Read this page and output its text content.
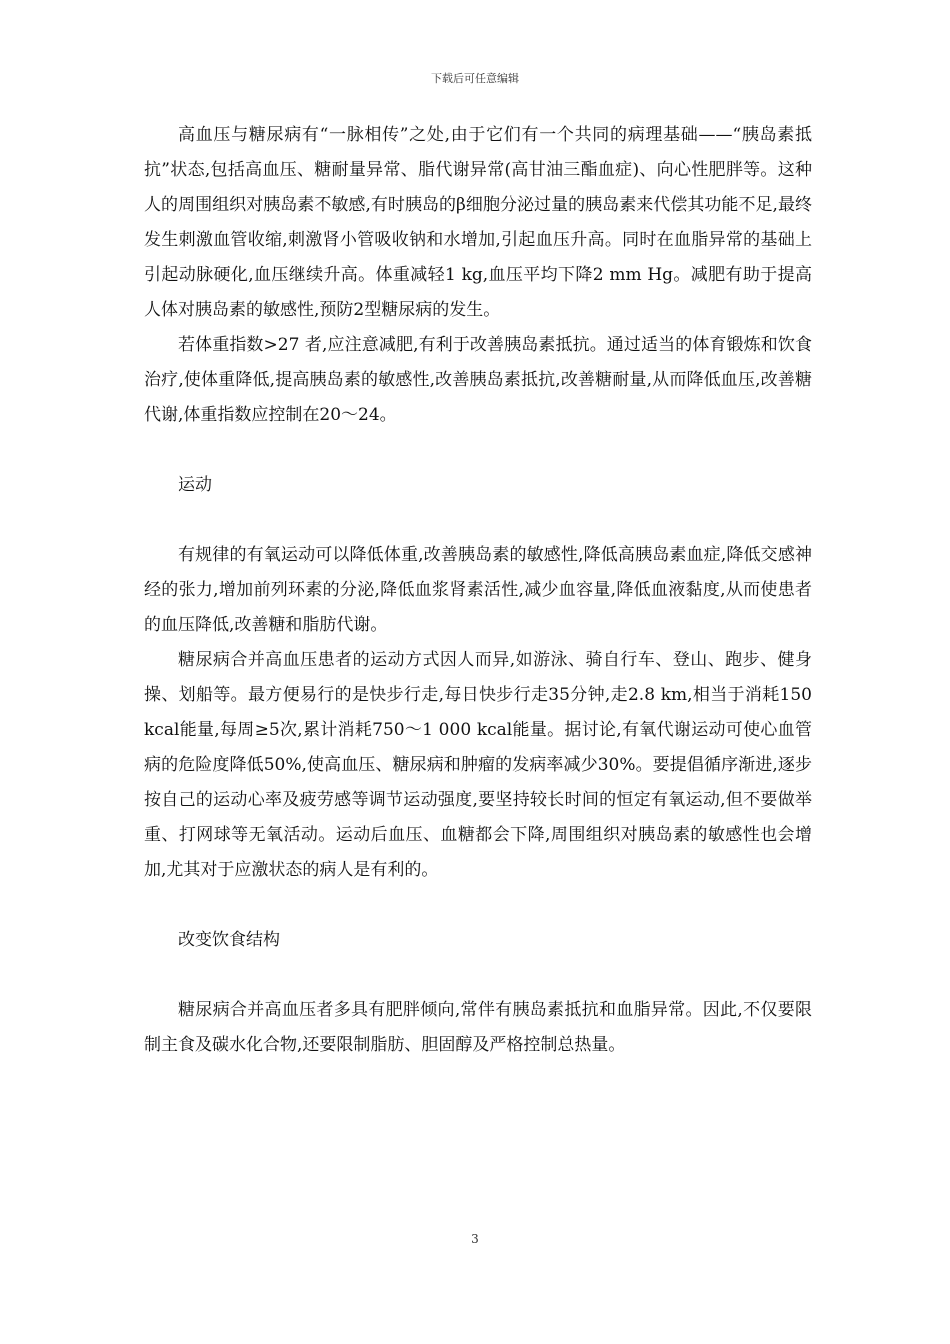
下载后可任意编辑

高血压与糖尿病有“一脉相传”之处,由于它们有一个共同的病理基础——“胰岛素抵抗”状态,包括高血压、糖耐量异常、脂代谢异常(高甘油三酯血症)、向心性肥胖等。这种人的周围组织对胰岛素不敏感,有时胰岛的β细胞分泌过量的胰岛素来代偿其功能不足,最终发生刺激血管收缩,刺激肾小管吸收钠和水增加,引起血压升高。同时在血脂异常的基础上引起动脉硬化,血压继续升高。体重减轻1 kg,血压平均下降2 mm Hg。减肥有助于提高人体对胰岛素的敏感性,预防2型糖尿病的发生。

若体重指数>27 者,应注意减肥,有利于改善胰岛素抵抗。通过适当的体育锻炼和饮食治疗,使体重降低,提高胰岛素的敏感性,改善胰岛素抵抗,改善糖耐量,从而降低血压,改善糖代谢,体重指数应控制在20～24。

运动

有规律的有氧运动可以降低体重,改善胰岛素的敏感性,降低高胰岛素血症,降低交感神经的张力,增加前列环素的分泌,降低血浆肾素活性,减少血容量,降低血液黏度,从而使患者的血压降低,改善糖和脂肪代谢。

糖尿病合并高血压患者的运动方式因人而异,如游泳、骑自行车、登山、跑步、健身操、划船等。最方便易行的是快步行走,每日快步行走35分钟,走2.8 km,相当于消耗150 kcal能量,每周≥5次,累计消耗750～1 000 kcal能量。据讨论,有氧代谢运动可使心血管病的危险度降低50%,使高血压、糖尿病和肿瘤的发病率减少30%。要提倡循序渐进,逐步按自己的运动心率及疲劳感等调节运动强度,要坚持较长时间的恒定有氧运动,但不要做举重、打网球等无氧活动。运动后血压、血糖都会下降,周围组织对胰岛素的敏感性也会增加,尤其对于应激状态的病人是有利的。

改变饮食结构

糖尿病合并高血压者多具有肥胖倾向,常伴有胰岛素抵抗和血脂异常。因此,不仅要限制主食及碳水化合物,还要限制脂肪、胆固醇及严格控制总热量。

3
